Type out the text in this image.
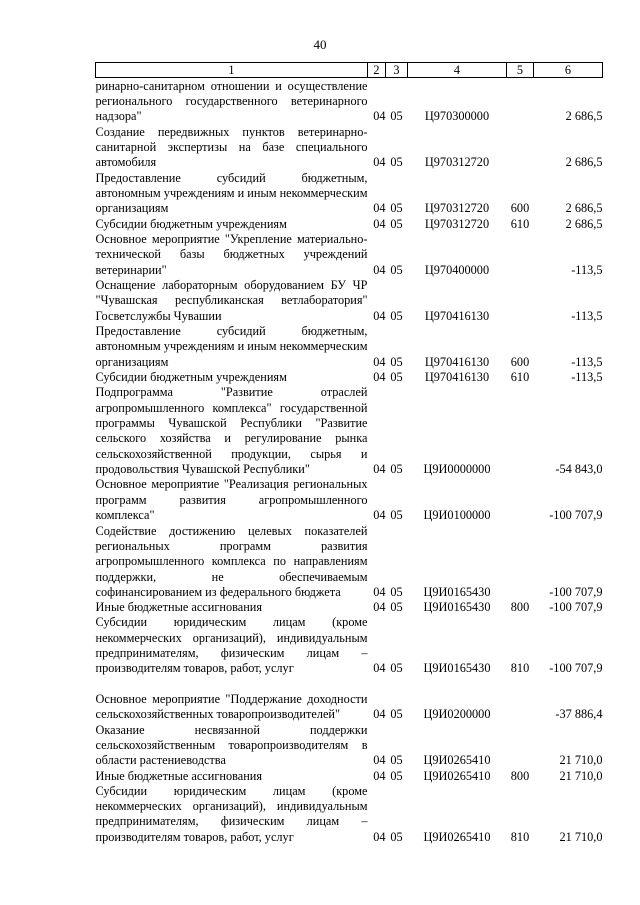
40
1	2	3	4	5	6
ринарно-санитарном отношении и осуществление регионального государственного ветеринарного надзора"	04	05	Ц970300000		2 686,5
Создание передвижных пунктов ветеринарно-санитарной экспертизы на базе специального автомобиля	04	05	Ц970312720		2 686,5
Предоставление субсидий бюджетным, автономным учреждениям и иным некоммерческим организациям	04	05	Ц970312720	600	2 686,5
Субсидии бюджетным учреждениям	04	05	Ц970312720	610	2 686,5
Основное мероприятие "Укрепление материально-технической базы бюджетных учреждений ветеринарии"	04	05	Ц970400000		-113,5
Оснащение лабораторным оборудованием БУ ЧР "Чувашская республиканская ветлаборатория" Госветслужбы Чувашии	04	05	Ц970416130		-113,5
Предоставление субсидий бюджетным, автономным учреждениям и иным некоммерческим организациям	04	05	Ц970416130	600	-113,5
Субсидии бюджетным учреждениям	04	05	Ц970416130	610	-113,5
Подпрограмма "Развитие отраслей агропромышленного комплекса" государственной программы Чувашской Республики "Развитие сельского хозяйства и регулирование рынка сельскохозяйственной продукции, сырья и продовольствия Чувашской Республики"	04	05	Ц9И0000000		-54 843,0
Основное мероприятие "Реализация региональных программ развития агропромышленного комплекса"	04	05	Ц9И0100000		-100 707,9
Содействие достижению целевых показателей региональных программ развития агропромышленного комплекса по направлениям поддержки, не обеспечиваемым софинансированием из федерального бюджета	04	05	Ц9И0165430		-100 707,9
Иные бюджетные ассигнования	04	05	Ц9И0165430	800	-100 707,9
Субсидии юридическим лицам (кроме некоммерческих организаций), индивидуальным предпринимателям, физическим лицам – производителям товаров, работ, услуг	04	05	Ц9И0165430	810	-100 707,9
Основное мероприятие "Поддержание доходности сельскохозяйственных товаропроизводителей"	04	05	Ц9И0200000		-37 886,4
Оказание несвязанной поддержки сельскохозяйственным товаропроизводителям в области растениеводства	04	05	Ц9И0265410		21 710,0
Иные бюджетные ассигнования	04	05	Ц9И0265410	800	21 710,0
Субсидии юридическим лицам (кроме некоммерческих организаций), индивидуальным предпринимателям, физическим лицам – производителям товаров, работ, услуг	04	05	Ц9И0265410	810	21 710,0
